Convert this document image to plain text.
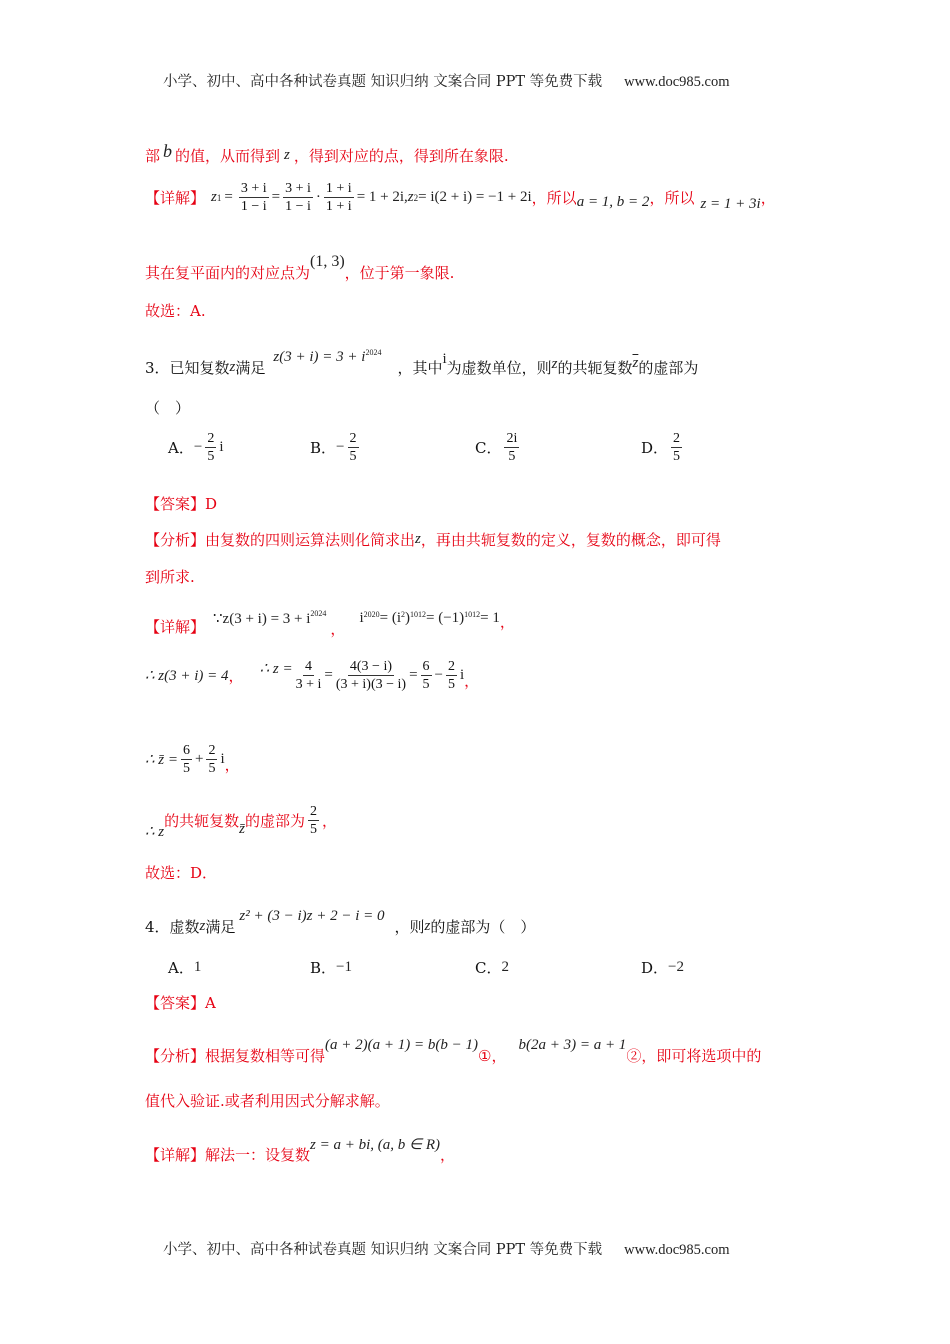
小学、初中、高中各种试卷真题 知识归纳 文案合同 PPT 等免费下载 www.doc985.com
部 b 的值，从而得到 z ，得到对应的点，得到所在象限.
【详解】 z $1 = \frac{3 + i}{1 - i} = \frac{3 + i}{1 - i} \cdot \frac{1 + i}{1 + i} = 1 + 2i$, z 2 = i(2 + i) = −1 + 2i ，所以 a = 1, b = 2 ，所以 z = 1 + 3i ，
其在复平面内的对应点为
(1, 3)
，位于第一象限.
故选：A.
3．已知复数 z 满足
$z(3 + i) = 3 + i^{2024}$
，其中 i 为虚数单位，则 z 的共轭复数 $\overline{z}$ 的虚部为
（　）
A． − $\frac{2}{5}$ i	B． − $\frac{2}{5}$	C． $\frac{2i}{5}$	D． $\frac{2}{5}$
【答案】 D
【分析】 由复数的四则运算法则化简求出 z ，再由共轭复数的定义，复数的概念，即可得
到所求.
【详解】 ∵z(3 + $i) = 3 + i^{2024}$
，
$i^{2020} = (i^2$ )$^{1012} = (-1)^{1012} = 1$ ，
∴ z(3 + i) = 4 ， ∴ $z = \frac{4}{3 + i} = \frac{4(3 - i)}{(3 + i)(3 - i)} = \frac{6}{5} - \frac{2}{5}$ i ，
∴ z̄ = $\frac{6}{5} + \frac{2}{5}$ i ，
∴ z
的共轭复数 z̄ 的虚部为 $\frac{2}{5}$ ，
故选：D．
4．虚数 z 满足
z² + (3 − i)z + 2 − i = 0
，则 z 的虚部为（　）
A． 1	B． −1	C． 2	D． −2
【答案】 A
【分析】 根据复数相等可得
(a + 2)(a + 1) = b(b − 1)
①，
b(2a + 3) = a + 1
②，即可将选项中的
值代入验证.或者利用因式分解求解。
【详解】 解法一：设复数
z = a + bi, (a, b ∈ R)
，
小学、初中、高中各种试卷真题 知识归纳 文案合同 PPT 等免费下载 www.doc985.com
